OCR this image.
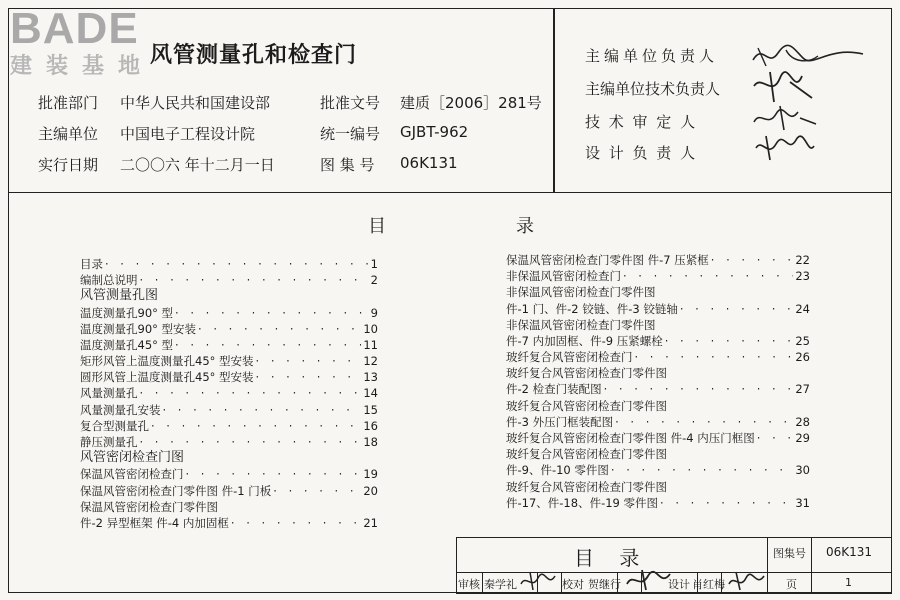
BADE
建装基地
风管测量孔和检查门
批准部门 中华人民共和国建设部	批准文号 建质［2006］281号
主编单位 中国电子工程设计院	统一编号 GJBT-962
实行日期 二〇〇六 年十二月一日	图 集 号 06K131
主编单位负责人
主编单位技术负责人
技 术 审 定 人
设 计 负 责 人
目	录
目录 · · ·	1
编制总说明 · · ·	2
风管测量孔图
温度测量孔90° 型 · · ·	9
温度测量孔90° 型安装 · · ·	10
温度测量孔45° 型 · · ·	11
矩形风管上温度测量孔45° 型安装 · · ·	12
圆形风管上温度测量孔45° 型安装 · · ·	13
风量测量孔 · · ·	14
风量测量孔安装 · · ·	15
复合型测量孔 · · ·	16
静压测量孔 · · ·	18
风管密闭检查门图
保温风管密闭检查门 · · ·	19
保温风管密闭检查门零件图 件-1 门板 · · ·	20
保温风管密闭检查门零件图
件-2 异型框架 件-4 内加固框 · · ·	21
保温风管密闭检查门零件图 件-7 压紧框 · · ·	22
非保温风管密闭检查门 · · ·	23
非保温风管密闭检查门零件图
件-1 门、件-2 铰链、件-3 铰链轴 · · ·	24
非保温风管密闭检查门零件图
件-7 内加固框、件-9 压紧螺栓 · · ·	25
玻纤复合风管密闭检查门 · · ·	26
玻纤复合风管密闭检查门零件图
件-2 检查门装配图 · · ·	27
玻纤复合风管密闭检查门零件图
件-3 外压门框装配图 · · ·	28
玻纤复合风管密闭检查门零件图 件-4 内压门框图 · · ·	29
玻纤复合风管密闭检查门零件图
件-9、件-10 零件图 · · ·	30
玻纤复合风管密闭检查门零件图
件-17、件-18、件-19 零件图 · · ·	31
目    录	图集号 06K131
审核 秦学礼	校对 贺继行	设计 肖红梅	页	1
